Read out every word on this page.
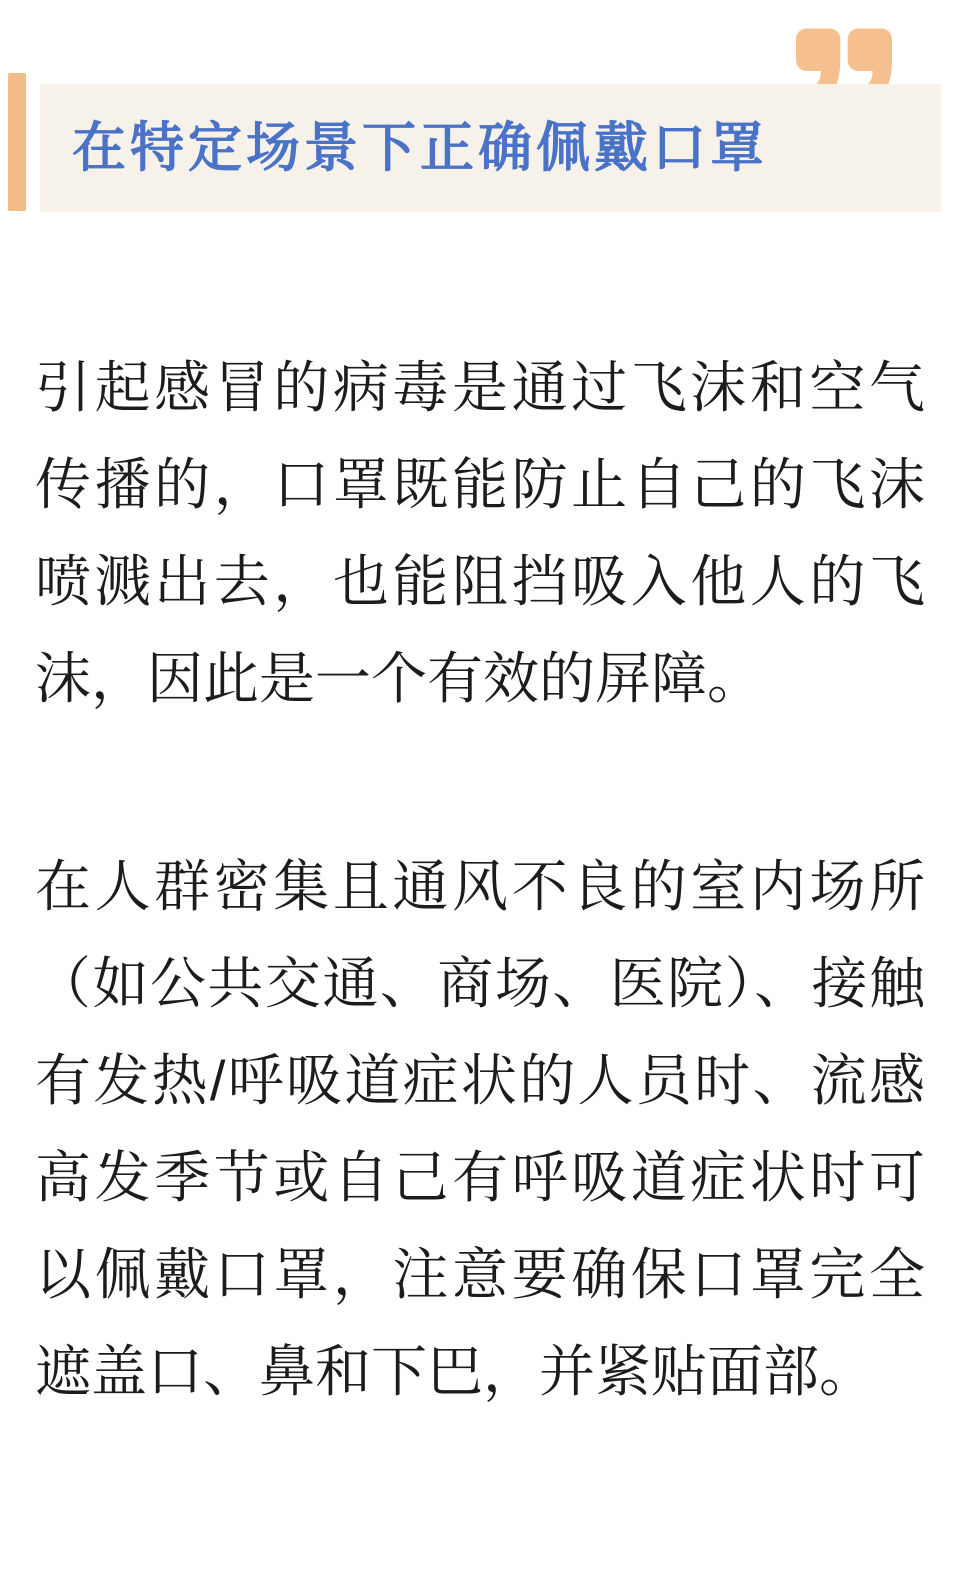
在特定场景下正确佩戴口罩

引起感冒的病毒是通过飞沫和空气传播的，口罩既能防止自己的飞沫喷溅出去，也能阻挡吸入他人的飞沫，因此是一个有效的屏障。

在人群密集且通风不良的室内场所（如公共交通、商场、医院）、接触有发热/呼吸道症状的人员时、流感高发季节或自己有呼吸道症状时可以佩戴口罩，注意要确保口罩完全遮盖口、鼻和下巴，并紧贴面部。
